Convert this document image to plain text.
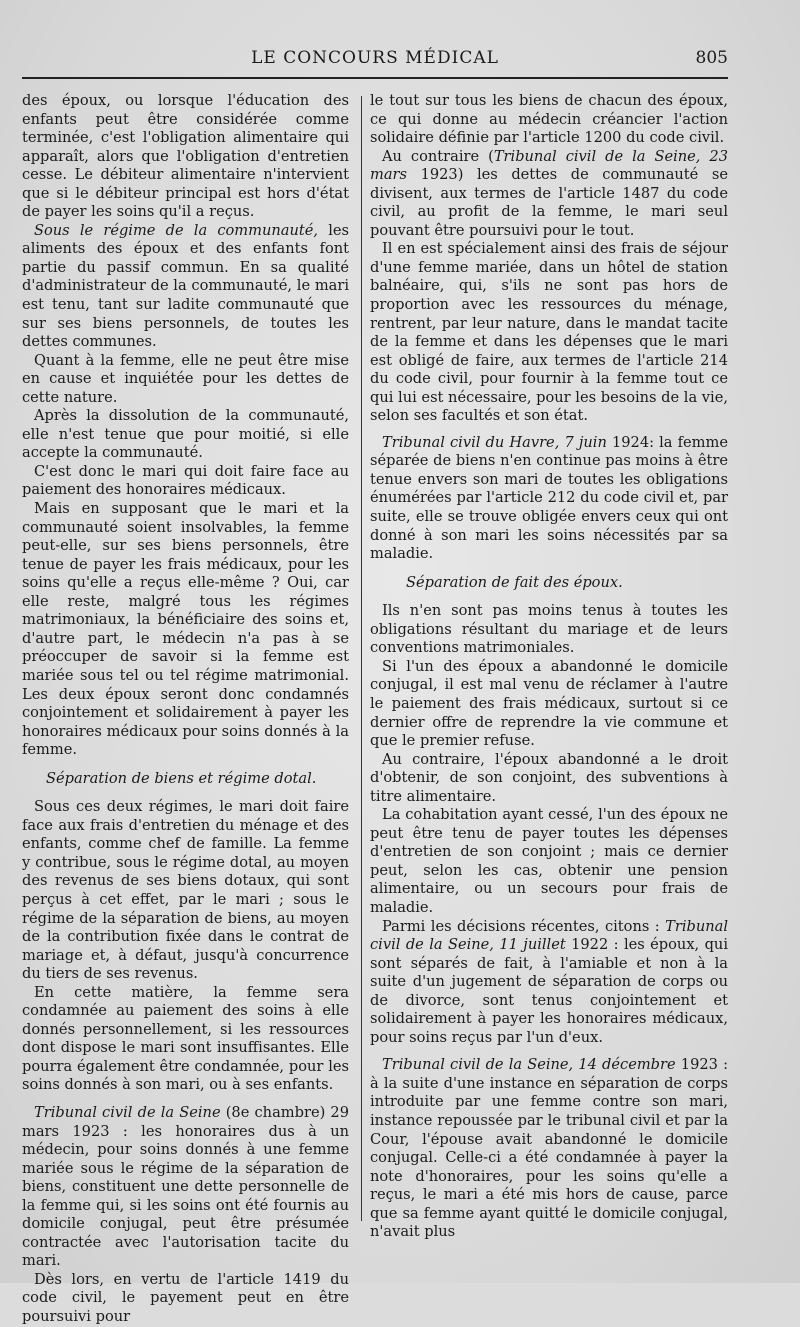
LE CONCOURS MÉDICAL	805

des époux, ou lorsque l'éducation des enfants peut être considérée comme terminée, c'est l'obligation alimentaire qui apparaît, alors que l'obligation d'entretien cesse. Le débiteur alimentaire n'intervient que si le débiteur principal est hors d'état de payer les soins qu'il a reçus.

Sous le régime de la communauté, les aliments des époux et des enfants font partie du passif commun. En sa qualité d'administrateur de la communauté, le mari est tenu, tant sur ladite communauté que sur ses biens personnels, de toutes les dettes communes.

Quant à la femme, elle ne peut être mise en cause et inquiétée pour les dettes de cette nature.

Après la dissolution de la communauté, elle n'est tenue que pour moitié, si elle accepte la communauté.

C'est donc le mari qui doit faire face au paiement des honoraires médicaux.

Mais en supposant que le mari et la communauté soient insolvables, la femme peut-elle, sur ses biens personnels, être tenue de payer les frais médicaux, pour les soins qu'elle a reçus elle-même ? Oui, car elle reste, malgré tous les régimes matrimoniaux, la bénéficiaire des soins et, d'autre part, le médecin n'a pas à se préoccuper de savoir si la femme est mariée sous tel ou tel régime matrimonial. Les deux époux seront donc condamnés conjointement et solidairement à payer les honoraires médicaux pour soins donnés à la femme.

Séparation de biens et régime dotal.

Sous ces deux régimes, le mari doit faire face aux frais d'entretien du ménage et des enfants, comme chef de famille. La femme y contribue, sous le régime dotal, au moyen des revenus de ses biens dotaux, qui sont perçus à cet effet, par le mari ; sous le régime de la séparation de biens, au moyen de la contribution fixée dans le contrat de mariage et, à défaut, jusqu'à concurrence du tiers de ses revenus.

En cette matière, la femme sera condamnée au paiement des soins à elle donnés personnellement, si les ressources dont dispose le mari sont insuffisantes. Elle pourra également être condamnée, pour les soins donnés à son mari, ou à ses enfants.

Tribunal civil de la Seine (8e chambre) 29 mars 1923 : les honoraires dus à un médecin, pour soins donnés à une femme mariée sous le régime de la séparation de biens, constituent une dette personnelle de la femme qui, si les soins ont été fournis au domicile conjugal, peut être présumée contractée avec l'autorisation tacite du mari.

Dès lors, en vertu de l'article 1419 du code civil, le payement peut en être poursuivi pour

le tout sur tous les biens de chacun des époux, ce qui donne au médecin créancier l'action solidaire définie par l'article 1200 du code civil.

Au contraire (Tribunal civil de la Seine, 23 mars 1923) les dettes de communauté se divisent, aux termes de l'article 1487 du code civil, au profit de la femme, le mari seul pouvant être poursuivi pour le tout.

Il en est spécialement ainsi des frais de séjour d'une femme mariée, dans un hôtel de station balnéaire, qui, s'ils ne sont pas hors de proportion avec les ressources du ménage, rentrent, par leur nature, dans le mandat tacite de la femme et dans les dépenses que le mari est obligé de faire, aux termes de l'article 214 du code civil, pour fournir à la femme tout ce qui lui est nécessaire, pour les besoins de la vie, selon ses facultés et son état.

Tribunal civil du Havre, 7 juin 1924: la femme séparée de biens n'en continue pas moins à être tenue envers son mari de toutes les obligations énumérées par l'article 212 du code civil et, par suite, elle se trouve obligée envers ceux qui ont donné à son mari les soins nécessités par sa maladie.

Séparation de fait des époux.

Ils n'en sont pas moins tenus à toutes les obligations résultant du mariage et de leurs conventions matrimoniales.

Si l'un des époux a abandonné le domicile conjugal, il est mal venu de réclamer à l'autre le paiement des frais médicaux, surtout si ce dernier offre de reprendre la vie commune et que le premier refuse.

Au contraire, l'époux abandonné a le droit d'obtenir, de son conjoint, des subventions à titre alimentaire.

La cohabitation ayant cessé, l'un des époux ne peut être tenu de payer toutes les dépenses d'entretien de son conjoint ; mais ce dernier peut, selon les cas, obtenir une pension alimentaire, ou un secours pour frais de maladie.

Parmi les décisions récentes, citons : Tribunal civil de la Seine, 11 juillet 1922 : les époux, qui sont séparés de fait, à l'amiable et non à la suite d'un jugement de séparation de corps ou de divorce, sont tenus conjointement et solidairement à payer les honoraires médicaux, pour soins reçus par l'un d'eux.

Tribunal civil de la Seine, 14 décembre 1923 : à la suite d'une instance en séparation de corps introduite par une femme contre son mari, instance repoussée par le tribunal civil et par la Cour, l'épouse avait abandonné le domicile conjugal. Celle-ci a été condamnée à payer la note d'honoraires, pour les soins qu'elle a reçus, le mari a été mis hors de cause, parce que sa femme ayant quitté le domicile conjugal, n'avait plus
